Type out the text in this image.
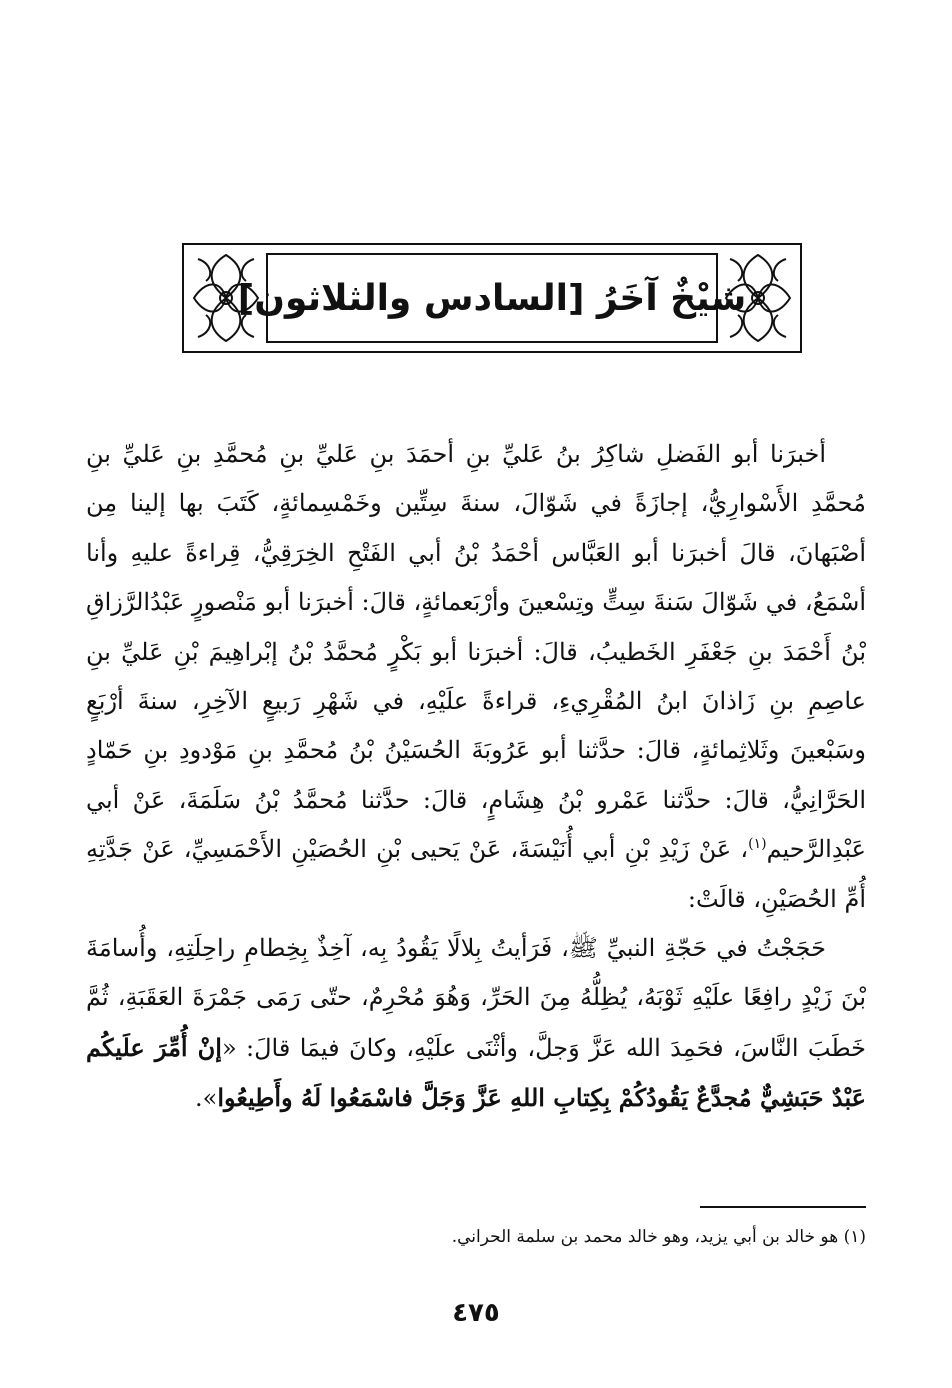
شيْخٌ آخَرُ [السادس والثلاثون]

أخبرَنا أبو الفَضلِ شاكِرُ بنُ عَليِّ بنِ أحمَدَ بنِ عَليِّ بنِ مُحمَّدِ بنِ عَليِّ بنِ مُحمَّدِ الأَسْوارِيُّ، إجازَةً في شَوّالَ، سنةَ سِتِّين وخَمْسِمائةٍ، كَتَبَ بها إلينا مِن أصْبَهانَ، قالَ أخبرَنا أبو العَبَّاس أحْمَدُ بْنُ أبي الفَتْحِ الخِرَقِيُّ، قِراءةً عليهِ وأنا أسْمَعُ، في شَوّالَ سَنةَ سِتٍّ وتِسْعينَ وأرْبَعمائةٍ، قالَ: أخبرَنا أبو مَنْصورٍ عَبْدُالرَّزاقِ بْنُ أَحْمَدَ بنِ جَعْفَرِ الخَطيبُ، قالَ: أخبرَنا أبو بَكْرٍ مُحمَّدُ بْنُ إبْراهِيمَ بْنِ عَليِّ بنِ عاصِمِ بنِ زَاذانَ ابنُ المُقْرِيءِ، قراءةً علَيْهِ، في شَهْرِ رَبيعٍ الآخِرِ، سنةَ أرْبَعٍ وسَبْعينَ وثَلاثِمائةٍ، قالَ: حدَّثنا أبو عَرُوبَةَ الحُسَيْنُ بْنُ مُحمَّدِ بنِ مَوْدودِ بنِ حَمّادٍ الحَرَّانِيُّ، قالَ: حدَّثنا عَمْرو بْنُ هِشَامٍ، قالَ: حدَّثنا مُحمَّدُ بْنُ سَلَمَةَ، عَنْ أبي عَبْدِالرَّحيم$^{(١)}$، عَنْ زَيْدِ بْنِ أبي أُنَيْسَةَ، عَنْ يَحيى بْنِ الحُصَيْنِ الأَحْمَسِيِّ، عَنْ جَدَّتِهِ أُمِّ الحُصَيْنِ، قالَتْ:

حَجَجْتُ في حَجّةِ النبيِّ ﷺ، فَرَأيتُ بِلالًا يَقُودُ بِه، آخِذٌ بِخِطامِ راحِلَتِهِ، وأُسامَةَ بْنَ زَيْدٍ رافِعًا علَيْهِ ثَوْبَهُ، يُظِلُّهُ مِنَ الحَرِّ، وَهُوَ مُحْرِمٌ، حتّى رَمَى جَمْرَةَ العَقَبَةِ، ثُمَّ خَطَبَ النَّاسَ، فحَمِدَ الله عَزَّ وَجلَّ، وأثْنَى علَيْهِ، وكانَ فيمَا قالَ: «إنْ أُمِّرَ علَيكُم عَبْدٌ حَبَشِيٌّ مُجدَّعٌ يَقُودُكُمْ بِكِتابِ اللهِ عَزَّ وَجَلَّ فاسْمَعُوا لَهُ وأَطِيعُوا».

(١) هو خالد بن أبي يزيد، وهو خالد محمد بن سلمة الحراني.
٤٧٥
